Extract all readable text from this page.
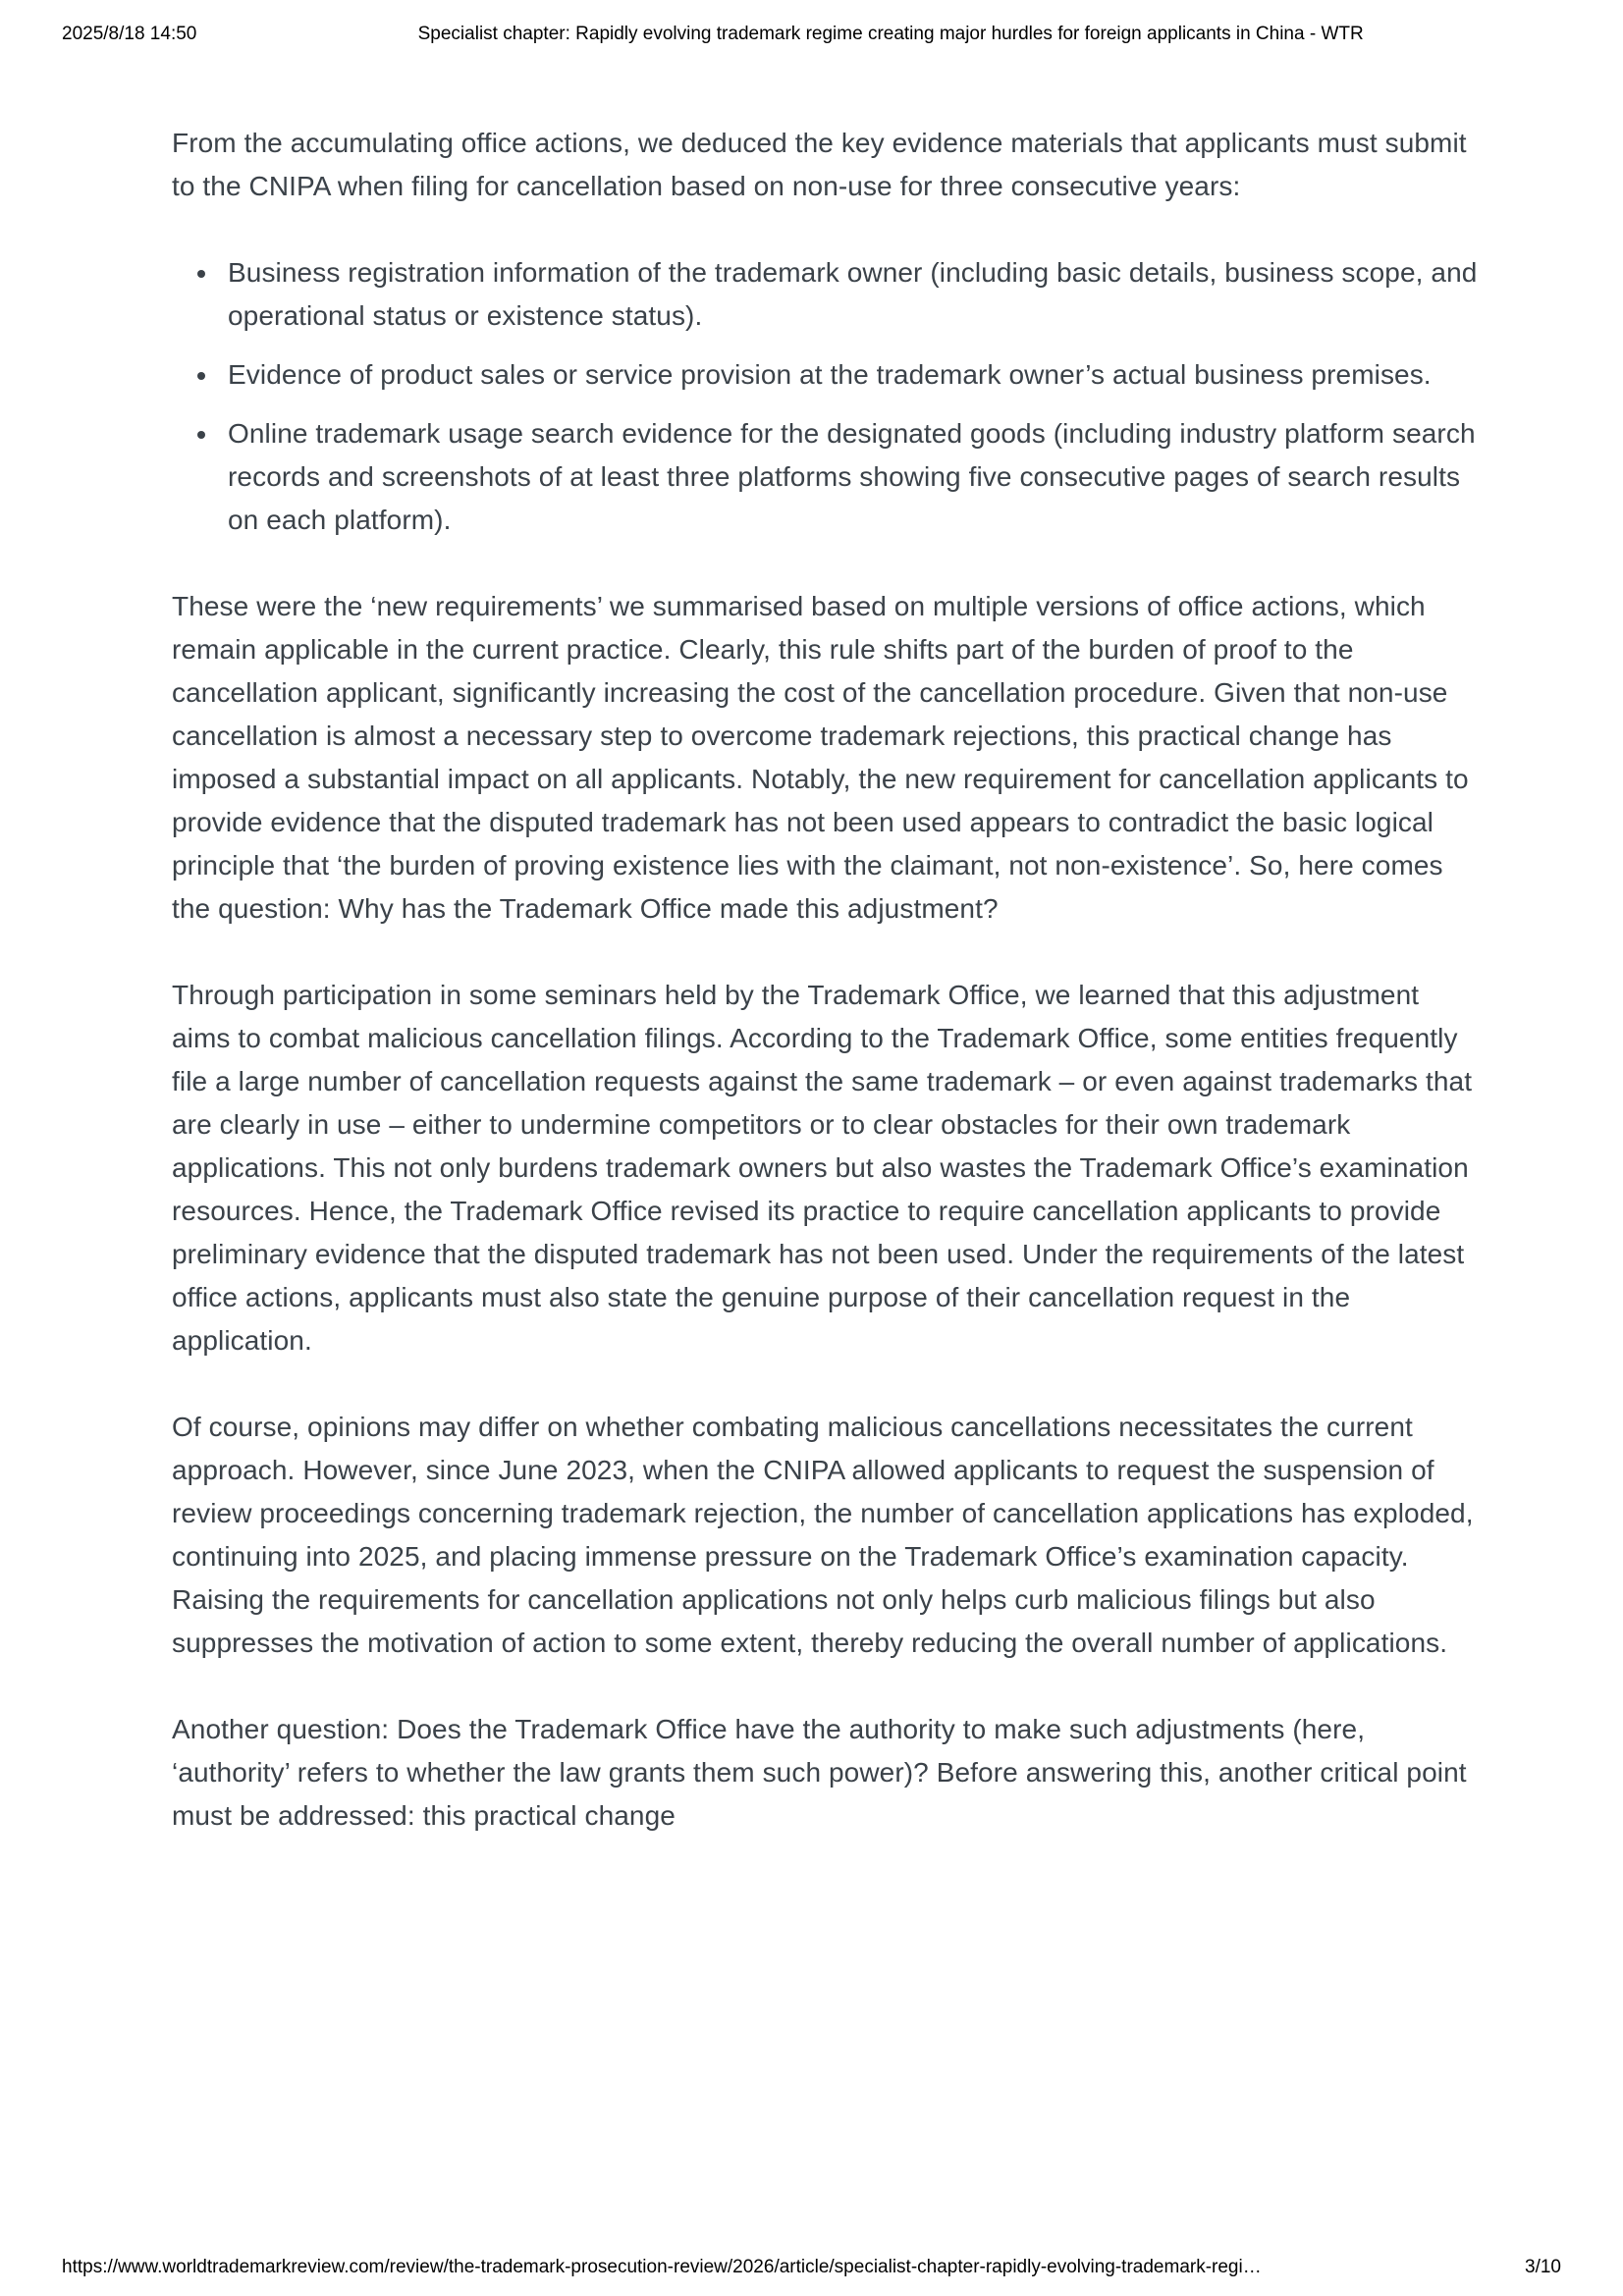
2025/8/18 14:50	Specialist chapter: Rapidly evolving trademark regime creating major hurdles for foreign applicants in China - WTR

From the accumulating office actions, we deduced the key evidence materials that applicants must submit to the CNIPA when filing for cancellation based on non-use for three consecutive years:

• Business registration information of the trademark owner (including basic details, business scope, and operational status or existence status).
• Evidence of product sales or service provision at the trademark owner’s actual business premises.
• Online trademark usage search evidence for the designated goods (including industry platform search records and screenshots of at least three platforms showing five consecutive pages of search results on each platform).

These were the ‘new requirements’ we summarised based on multiple versions of office actions, which remain applicable in the current practice. Clearly, this rule shifts part of the burden of proof to the cancellation applicant, significantly increasing the cost of the cancellation procedure. Given that non-use cancellation is almost a necessary step to overcome trademark rejections, this practical change has imposed a substantial impact on all applicants. Notably, the new requirement for cancellation applicants to provide evidence that the disputed trademark has not been used appears to contradict the basic logical principle that ‘the burden of proving existence lies with the claimant, not non-existence’. So, here comes the question: Why has the Trademark Office made this adjustment?

Through participation in some seminars held by the Trademark Office, we learned that this adjustment aims to combat malicious cancellation filings. According to the Trademark Office, some entities frequently file a large number of cancellation requests against the same trademark – or even against trademarks that are clearly in use – either to undermine competitors or to clear obstacles for their own trademark applications. This not only burdens trademark owners but also wastes the Trademark Office’s examination resources. Hence, the Trademark Office revised its practice to require cancellation applicants to provide preliminary evidence that the disputed trademark has not been used. Under the requirements of the latest office actions, applicants must also state the genuine purpose of their cancellation request in the application.

Of course, opinions may differ on whether combating malicious cancellations necessitates the current approach. However, since June 2023, when the CNIPA allowed applicants to request the suspension of review proceedings concerning trademark rejection, the number of cancellation applications has exploded, continuing into 2025, and placing immense pressure on the Trademark Office’s examination capacity. Raising the requirements for cancellation applications not only helps curb malicious filings but also suppresses the motivation of action to some extent, thereby reducing the overall number of applications.

Another question: Does the Trademark Office have the authority to make such adjustments (here, ‘authority’ refers to whether the law grants them such power)? Before answering this, another critical point must be addressed: this practical change

https://www.worldtrademarkreview.com/review/the-trademark-prosecution-review/2026/article/specialist-chapter-rapidly-evolving-trademark-regi…	3/10
